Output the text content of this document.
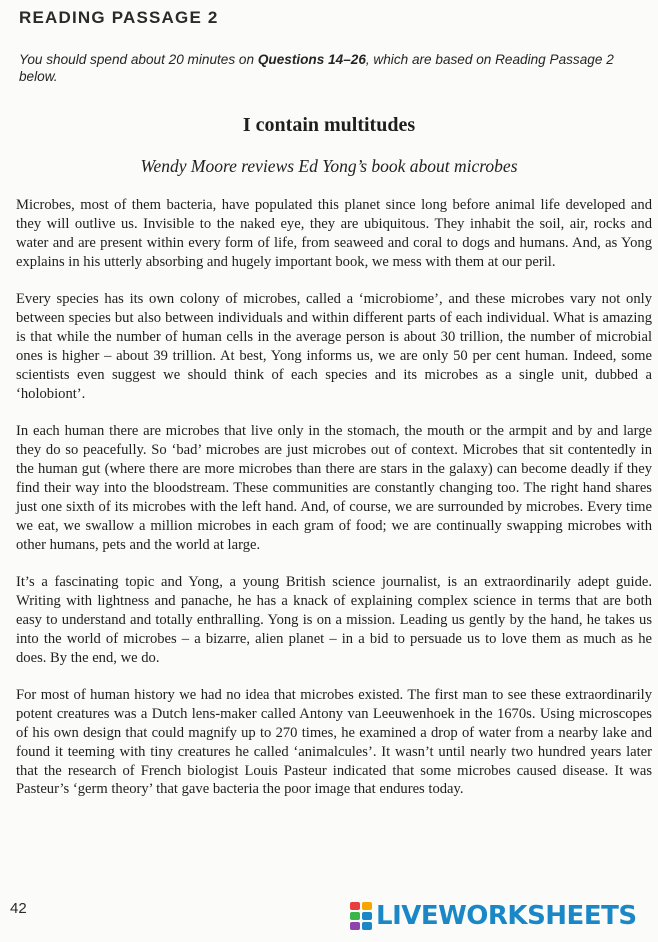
READING PASSAGE 2
You should spend about 20 minutes on Questions 14–26, which are based on Reading Passage 2 below.
I contain multitudes
Wendy Moore reviews Ed Yong’s book about microbes

Microbes, most of them bacteria, have populated this planet since long before animal life developed and they will outlive us. Invisible to the naked eye, they are ubiquitous. They inhabit the soil, air, rocks and water and are present within every form of life, from seaweed and coral to dogs and humans. And, as Yong explains in his utterly absorbing and hugely important book, we mess with them at our peril.

Every species has its own colony of microbes, called a ‘microbiome’, and these microbes vary not only between species but also between individuals and within different parts of each individual. What is amazing is that while the number of human cells in the average person is about 30 trillion, the number of microbial ones is higher – about 39 trillion. At best, Yong informs us, we are only 50 per cent human. Indeed, some scientists even suggest we should think of each species and its microbes as a single unit, dubbed a ‘holobiont’.

In each human there are microbes that live only in the stomach, the mouth or the armpit and by and large they do so peacefully. So ‘bad’ microbes are just microbes out of context. Microbes that sit contentedly in the human gut (where there are more microbes than there are stars in the galaxy) can become deadly if they find their way into the bloodstream. These communities are constantly changing too. The right hand shares just one sixth of its microbes with the left hand. And, of course, we are surrounded by microbes. Every time we eat, we swallow a million microbes in each gram of food; we are continually swapping microbes with other humans, pets and the world at large.

It’s a fascinating topic and Yong, a young British science journalist, is an extraordinarily adept guide. Writing with lightness and panache, he has a knack of explaining complex science in terms that are both easy to understand and totally enthralling. Yong is on a mission. Leading us gently by the hand, he takes us into the world of microbes – a bizarre, alien planet – in a bid to persuade us to love them as much as he does. By the end, we do.

For most of human history we had no idea that microbes existed. The first man to see these extraordinarily potent creatures was a Dutch lens-maker called Antony van Leeuwenhoek in the 1670s. Using microscopes of his own design that could magnify up to 270 times, he examined a drop of water from a nearby lake and found it teeming with tiny creatures he called ‘animalcules’. It wasn’t until nearly two hundred years later that the research of French biologist Louis Pasteur indicated that some microbes caused disease. It was Pasteur’s ‘germ theory’ that gave bacteria the poor image that endures today.

42	LIVEWORKSHEETS
